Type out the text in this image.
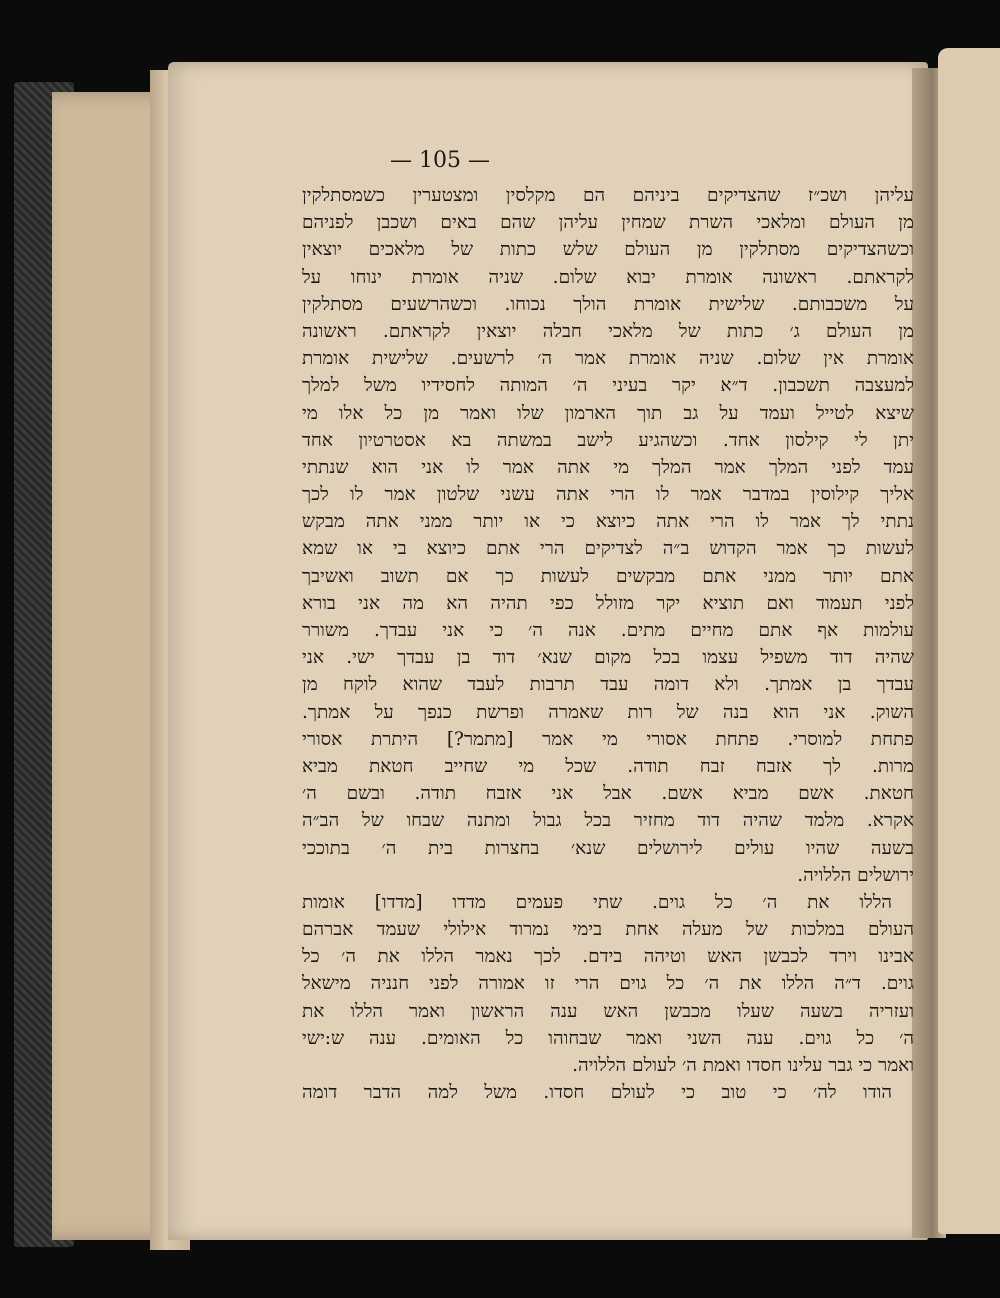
— 105 —
עליהן ושכ״ז שהצדיקים ביניהם הם מקלסין ומצטערין כשמסתלקין
מן העולם ומלאכי השרת שמחין עליהן שהם באים ושכבן לפניהם
וכשהצדיקים מסתלקין מן העולם שלש כתות של מלאכים יוצאין
לקראתם. ראשונה אומרת יבוא שלום. שניה אומרת ינוחו על
על משכבותם. שלישית אומרת הולך נכוחו. וכשהרשעים מסתלקין
מן העולם ג׳ כתות של מלאכי חבלה יוצאין לקראתם. ראשונה
אומרת אין שלום. שניה אומרת אמר ה׳ לרשעים. שלישית אומרת
למעצבה תשכבון. ד״א יקר בעיני ה׳ המותה לחסידיו משל למלך
שיצא לטייל ועמד על גב תוך הארמון שלו ואמר מן כל אלו מי
יתן לי קילסון אחד. וכשהגיע לישב במשתה בא אסטרטיון אחד
עמד לפני המלך אמר המלך מי אתה אמר לו אני הוא שנתתי
אליך קילוסין במדבר אמר לו הרי אתה עשני שלטון אמר לו לכך
נתתי לך אמר לו הרי אתה כיוצא כי או יותר ממני אתה מבקש
לעשות כך אמר הקדוש ב״ה לצדיקים הרי אתם כיוצא בי או שמא
אתם יותר ממני אתם מבקשים לעשות כך אם תשוב ואשיבך
לפני תעמוד ואם תוציא יקר מזולל כפי תהיה הא מה אני בורא
עולמות אף אתם מחיים מתים. אנה ה׳ כי אני עבדך. משורר
שהיה דוד משפיל עצמו בכל מקום שנא׳ דוד בן עבדך ישי. אני
עבדך בן אמתך. ולא דומה עבד תרבות לעבד שהוא לוקח מן
השוק. אני הוא בנה של רות שאמרה ופרשת כנפך על אמתך.
פתחת למוסרי. פתחת אסורי מי אמר [מתמר?] היתרת אסורי
מרות. לך אזבח זבח תודה. שכל מי שחייב חטאת מביא
חטאת. אשם מביא אשם. אבל אני אזבח תודה. ובשם ה׳
אקרא. מלמד שהיה דוד מחזיר בכל גבול ומתנה שבחו של הב״ה
בשעה שהיו עולים לירושלים שנא׳ בחצרות בית ה׳ בתוככי
ירושלים הללויה.
הללו את ה׳ כל גוים. שתי פעמים מדדו [מדדו] אומות
העולם במלכות של מעלה אחת בימי נמרוד אילולי שעמד אברהם
אבינו וירד לכבשן האש וטיהה בידם. לכך נאמר הללו את ה׳ כל
גוים. ד״ה הללו את ה׳ כל גוים הרי זו אמורה לפני חנניה מישאל
ועזריה בשעה שעלו מכבשן האש ענה הראשון ואמר הללו את
ה׳ כל גוים. ענה השני ואמר שבחוהו כל האומים. ענה ש:ישי
ואמר כי גבר עלינו חסדו ואמת ה׳ לעולם הללויה.
הודו לה׳ כי טוב כי לעולם חסדו. משל למה הדבר דומה
